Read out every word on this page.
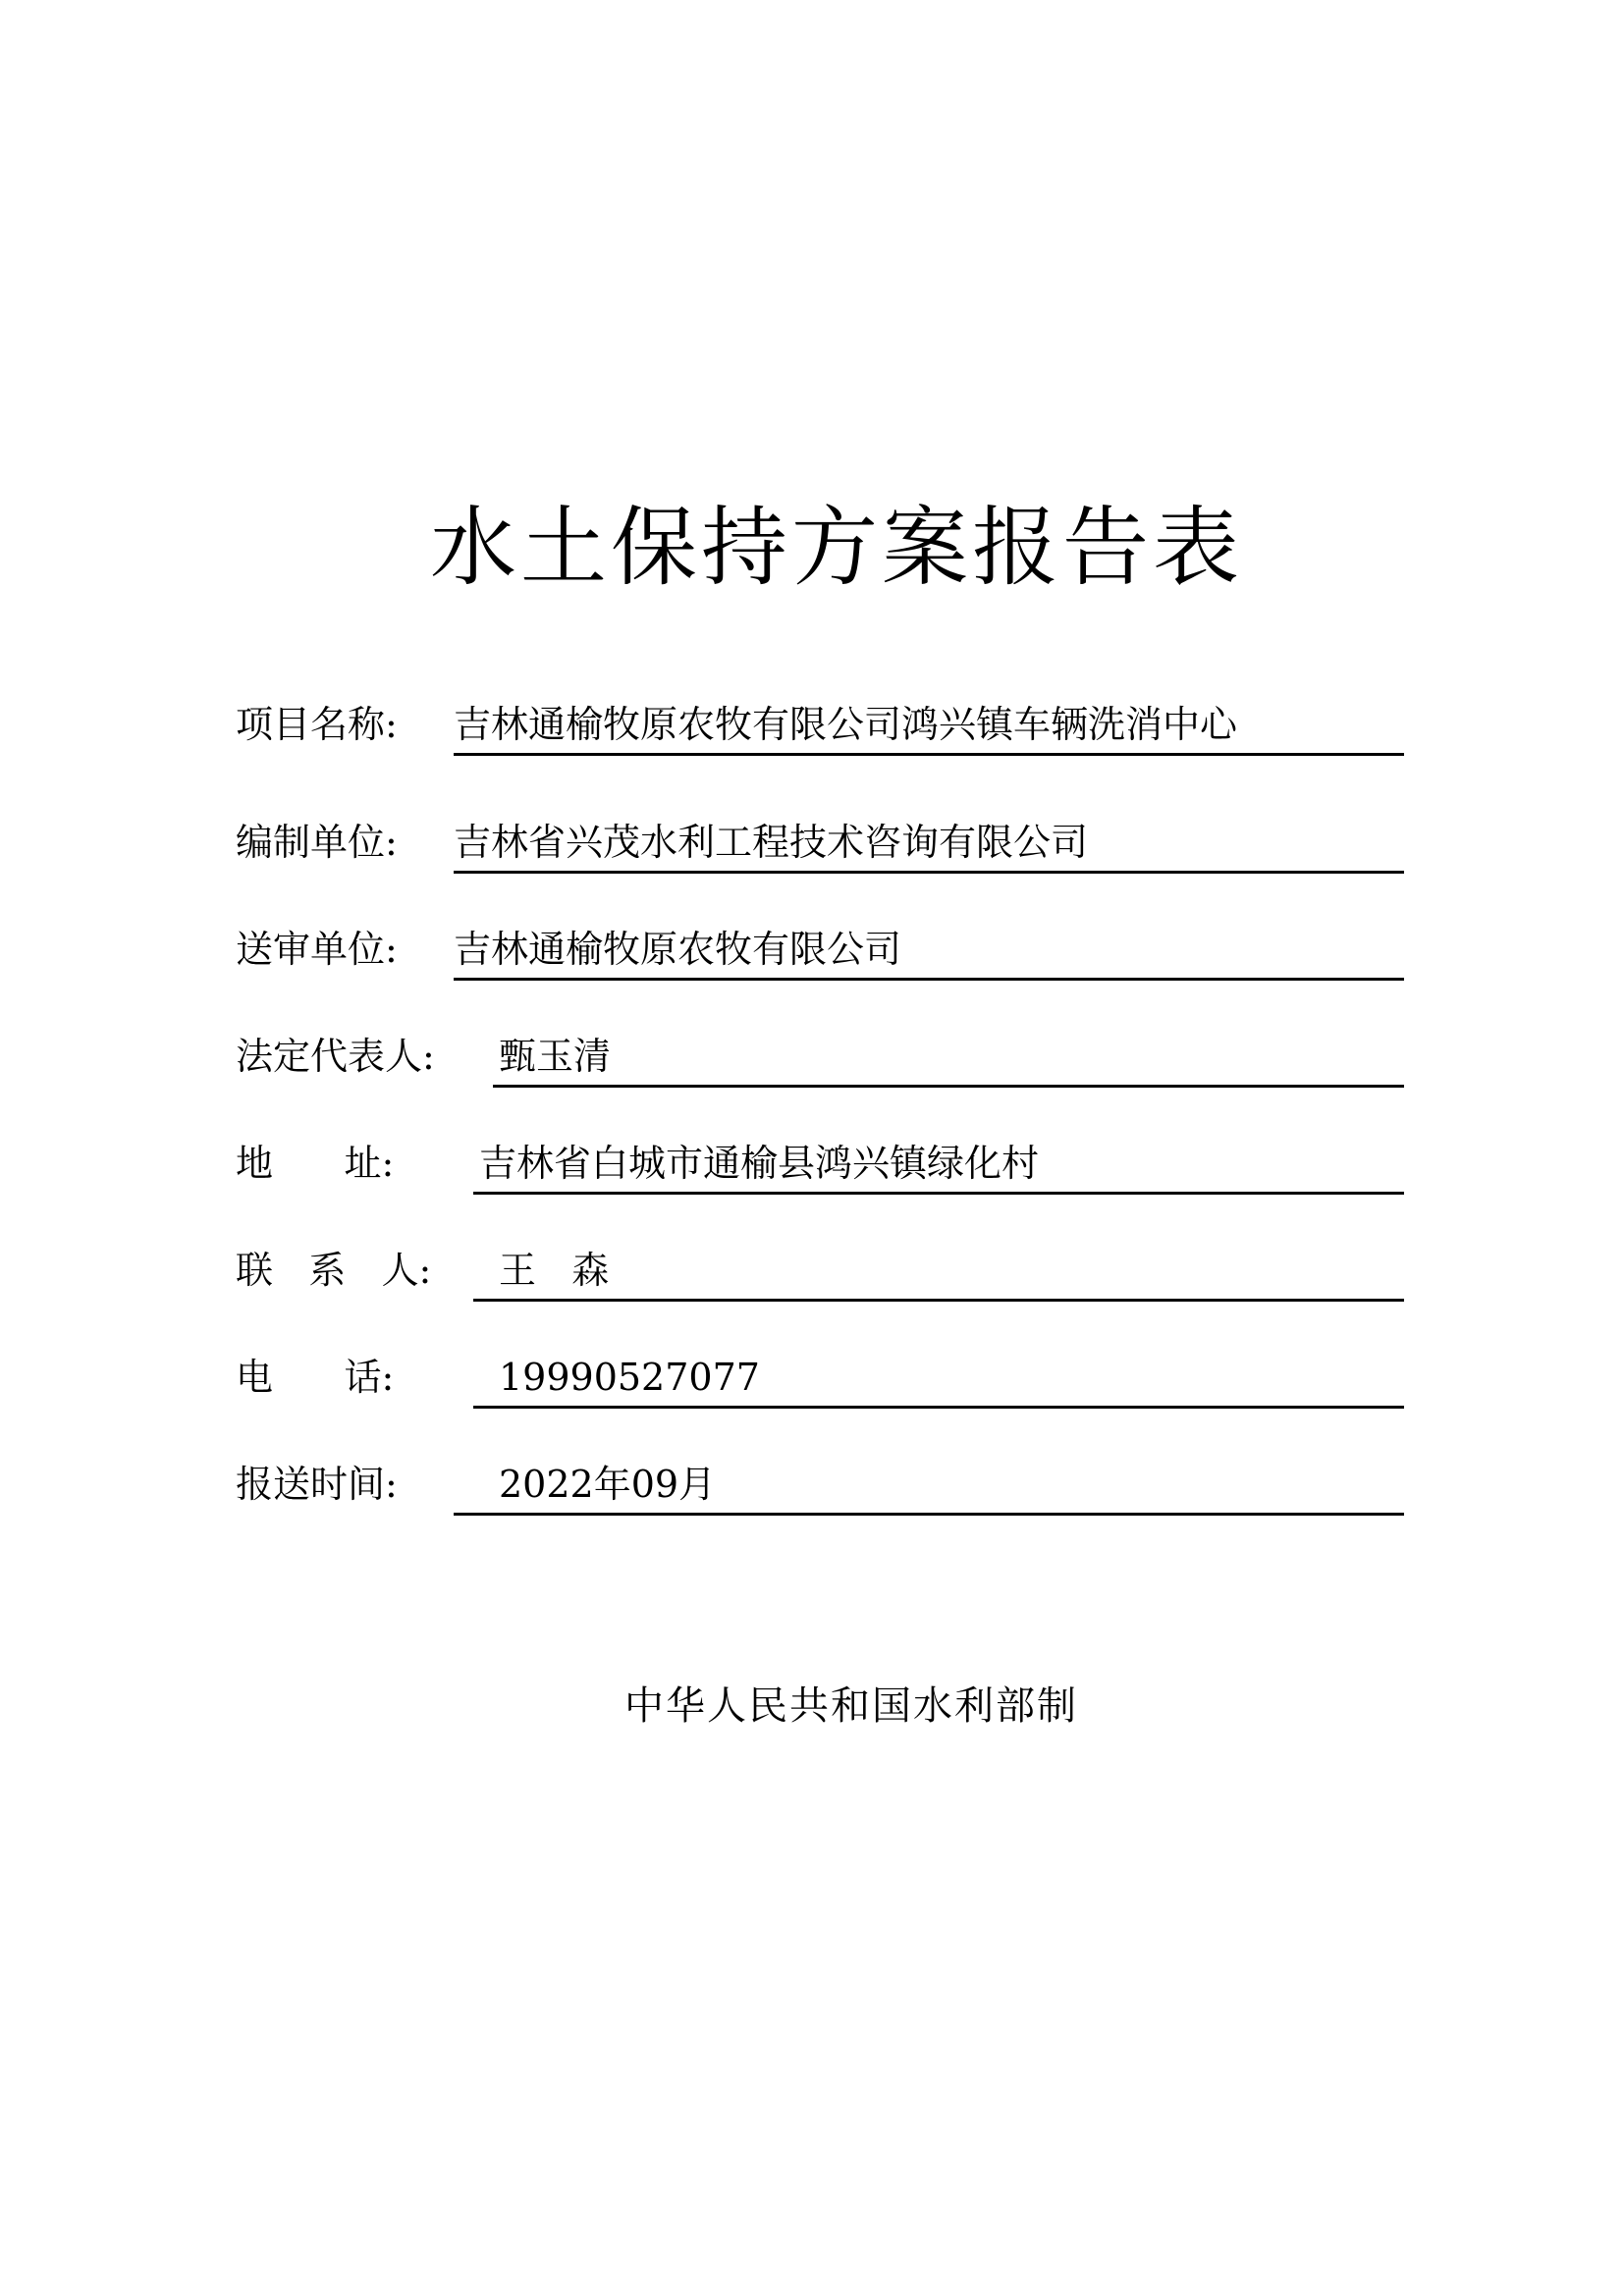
水土保持方案报告表
项目名称: 吉林通榆牧原农牧有限公司鸿兴镇车辆洗消中心
编制单位: 吉林省兴茂水利工程技术咨询有限公司
送审单位: 吉林通榆牧原农牧有限公司
法定代表人: 甄玉清
地      址: 吉林省白城市通榆县鸿兴镇绿化村
联   系   人: 王   森
电      话:	19990527077
报送时间:	2022年09月
中华人民共和国水利部制
